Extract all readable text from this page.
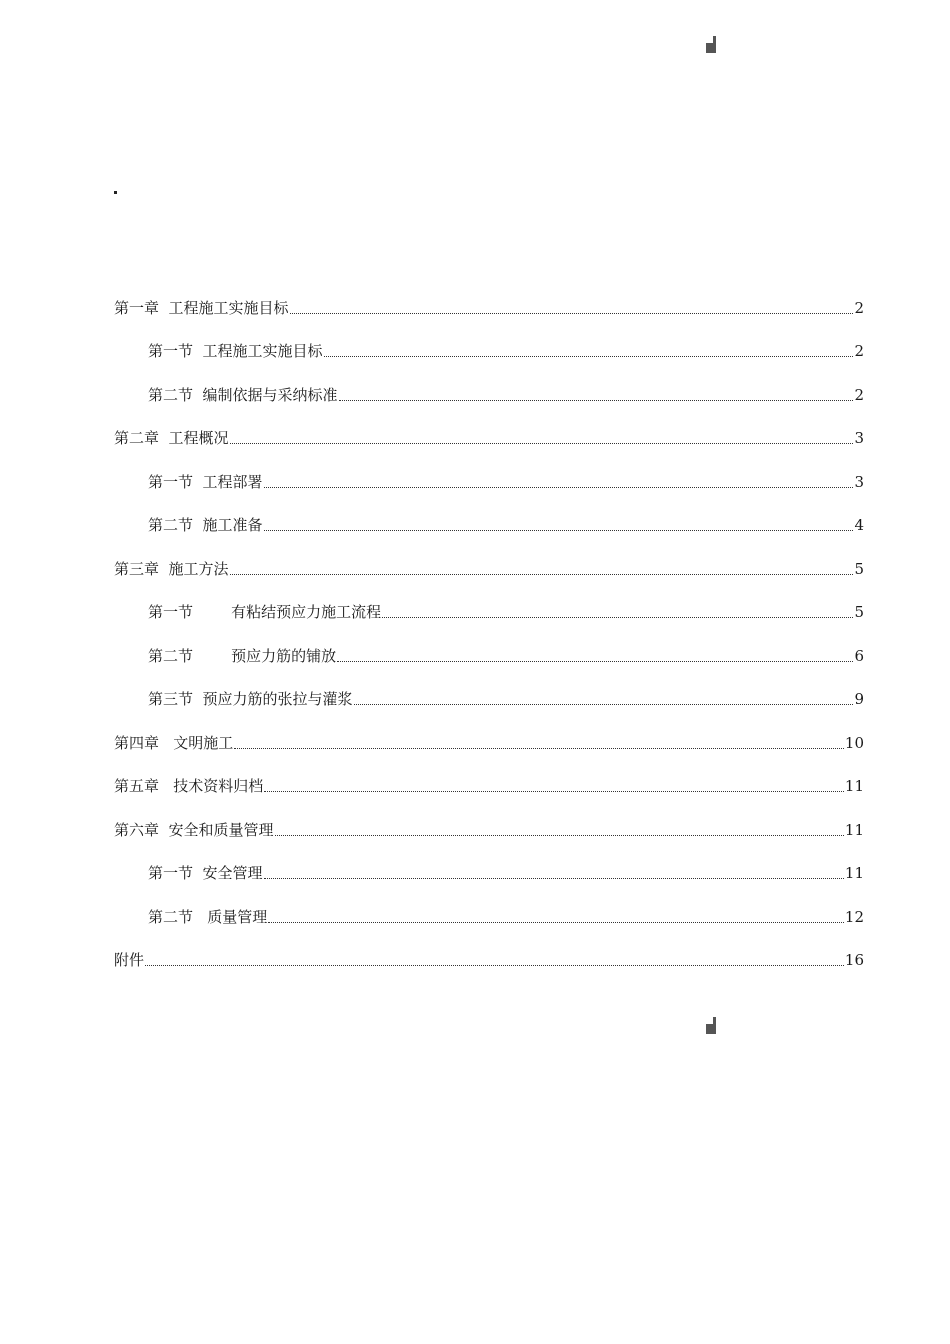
第一章  工程施工实施目标	2
第一节  工程施工实施目标	2
第二节  编制依据与采纳标准	2
第二章  工程概况	3
第一节  工程部署	3
第二节  施工准备	4
第三章  施工方法	5
第一节        有粘结预应力施工流程	5
第二节        预应力筋的铺放	6
第三节  预应力筋的张拉与灌浆	9
第四章   文明施工	10
第五章   技术资料归档	11
第六章  安全和质量管理	11
第一节  安全管理	11
第二节   质量管理	12
附件	16
